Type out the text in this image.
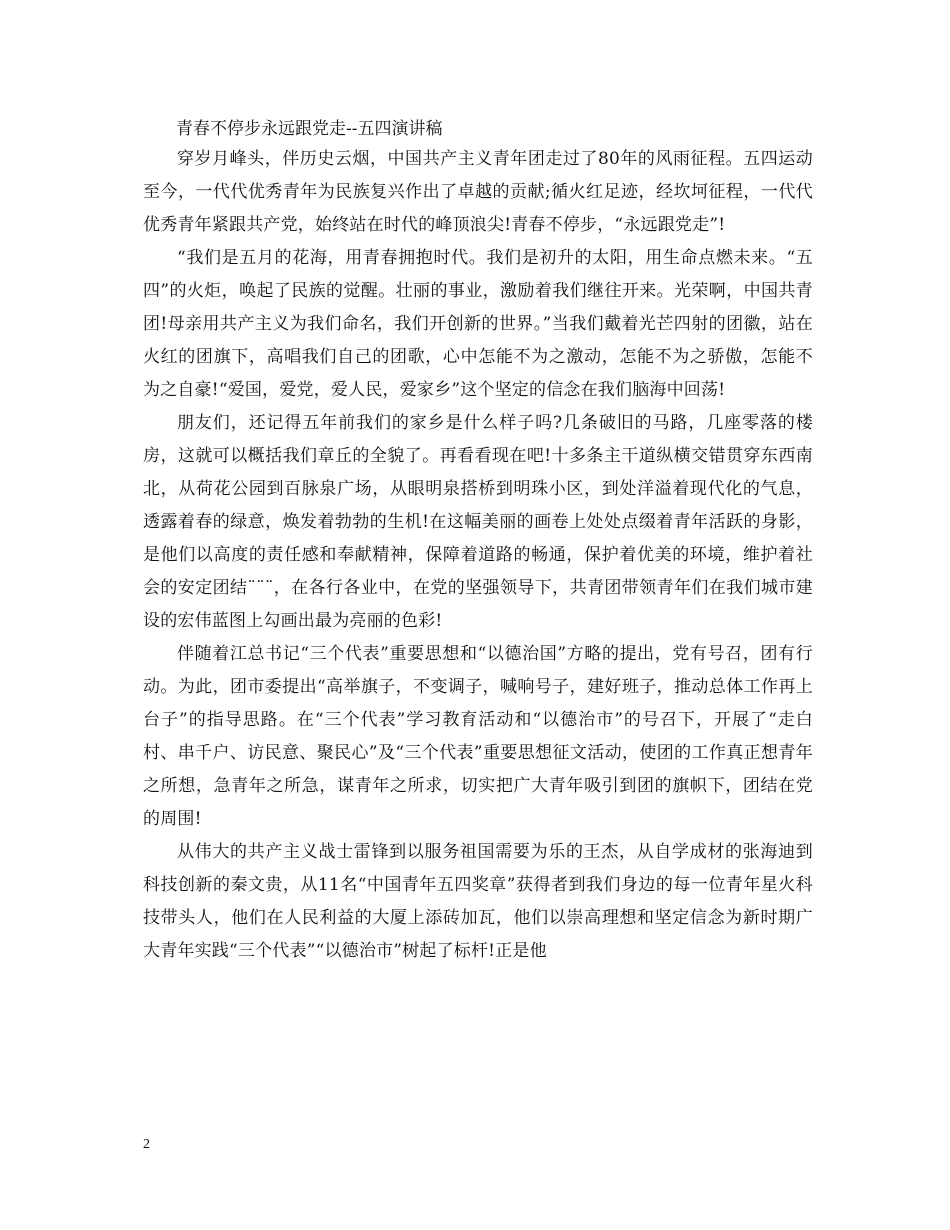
青春不停步永远跟党走--五四演讲稿

穿岁月峰头，伴历史云烟，中国共产主义青年团走过了80年的风雨征程。五四运动至今，一代代优秀青年为民族复兴作出了卓越的贡献;循火红足迹，经坎坷征程，一代代优秀青年紧跟共产党，始终站在时代的峰顶浪尖!青春不停步，“永远跟党走”!

“我们是五月的花海，用青春拥抱时代。我们是初升的太阳，用生命点燃未来。“五四”的火炬，唤起了民族的觉醒。壮丽的事业，激励着我们继往开来。光荣啊，中国共青团!母亲用共产主义为我们命名，我们开创新的世界。”当我们戴着光芒四射的团徽，站在火红的团旗下，高唱我们自己的团歌，心中怎能不为之激动，怎能不为之骄傲，怎能不为之自豪!“爱国，爱党，爱人民，爱家乡”这个坚定的信念在我们脑海中回荡!

朋友们，还记得五年前我们的家乡是什么样子吗?几条破旧的马路，几座零落的楼房，这就可以概括我们章丘的全貌了。再看看现在吧!十多条主干道纵横交错贯穿东西南北，从荷花公园到百脉泉广场，从眼明泉搭桥到明珠小区，到处洋溢着现代化的气息，透露着春的绿意，焕发着勃勃的生机!在这幅美丽的画卷上处处点缀着青年活跃的身影，是他们以高度的责任感和奉献精神，保障着道路的畅通，保护着优美的环境，维护着社会的安定团结¨¨¨，在各行各业中，在党的坚强领导下，共青团带领青年们在我们城市建设的宏伟蓝图上勾画出最为亮丽的色彩!

伴随着江总书记“三个代表”重要思想和“以德治国”方略的提出，党有号召，团有行动。为此，团市委提出“高举旗子，不变调子，喊响号子，建好班子，推动总体工作再上台子”的指导思路。在“三个代表”学习教育活动和“以德治市”的号召下，开展了“走白村、串千户、访民意、聚民心”及“三个代表”重要思想征文活动，使团的工作真正想青年之所想，急青年之所急，谋青年之所求，切实把广大青年吸引到团的旗帜下，团结在党的周围!

从伟大的共产主义战士雷锋到以服务祖国需要为乐的王杰，从自学成材的张海迪到科技创新的秦文贵，从11名“中国青年五四奖章”获得者到我们身边的每一位青年星火科技带头人，他们在人民利益的大厦上添砖加瓦，他们以崇高理想和坚定信念为新时期广大青年实践“三个代表”“以德治市”树起了标杆!正是他

2
